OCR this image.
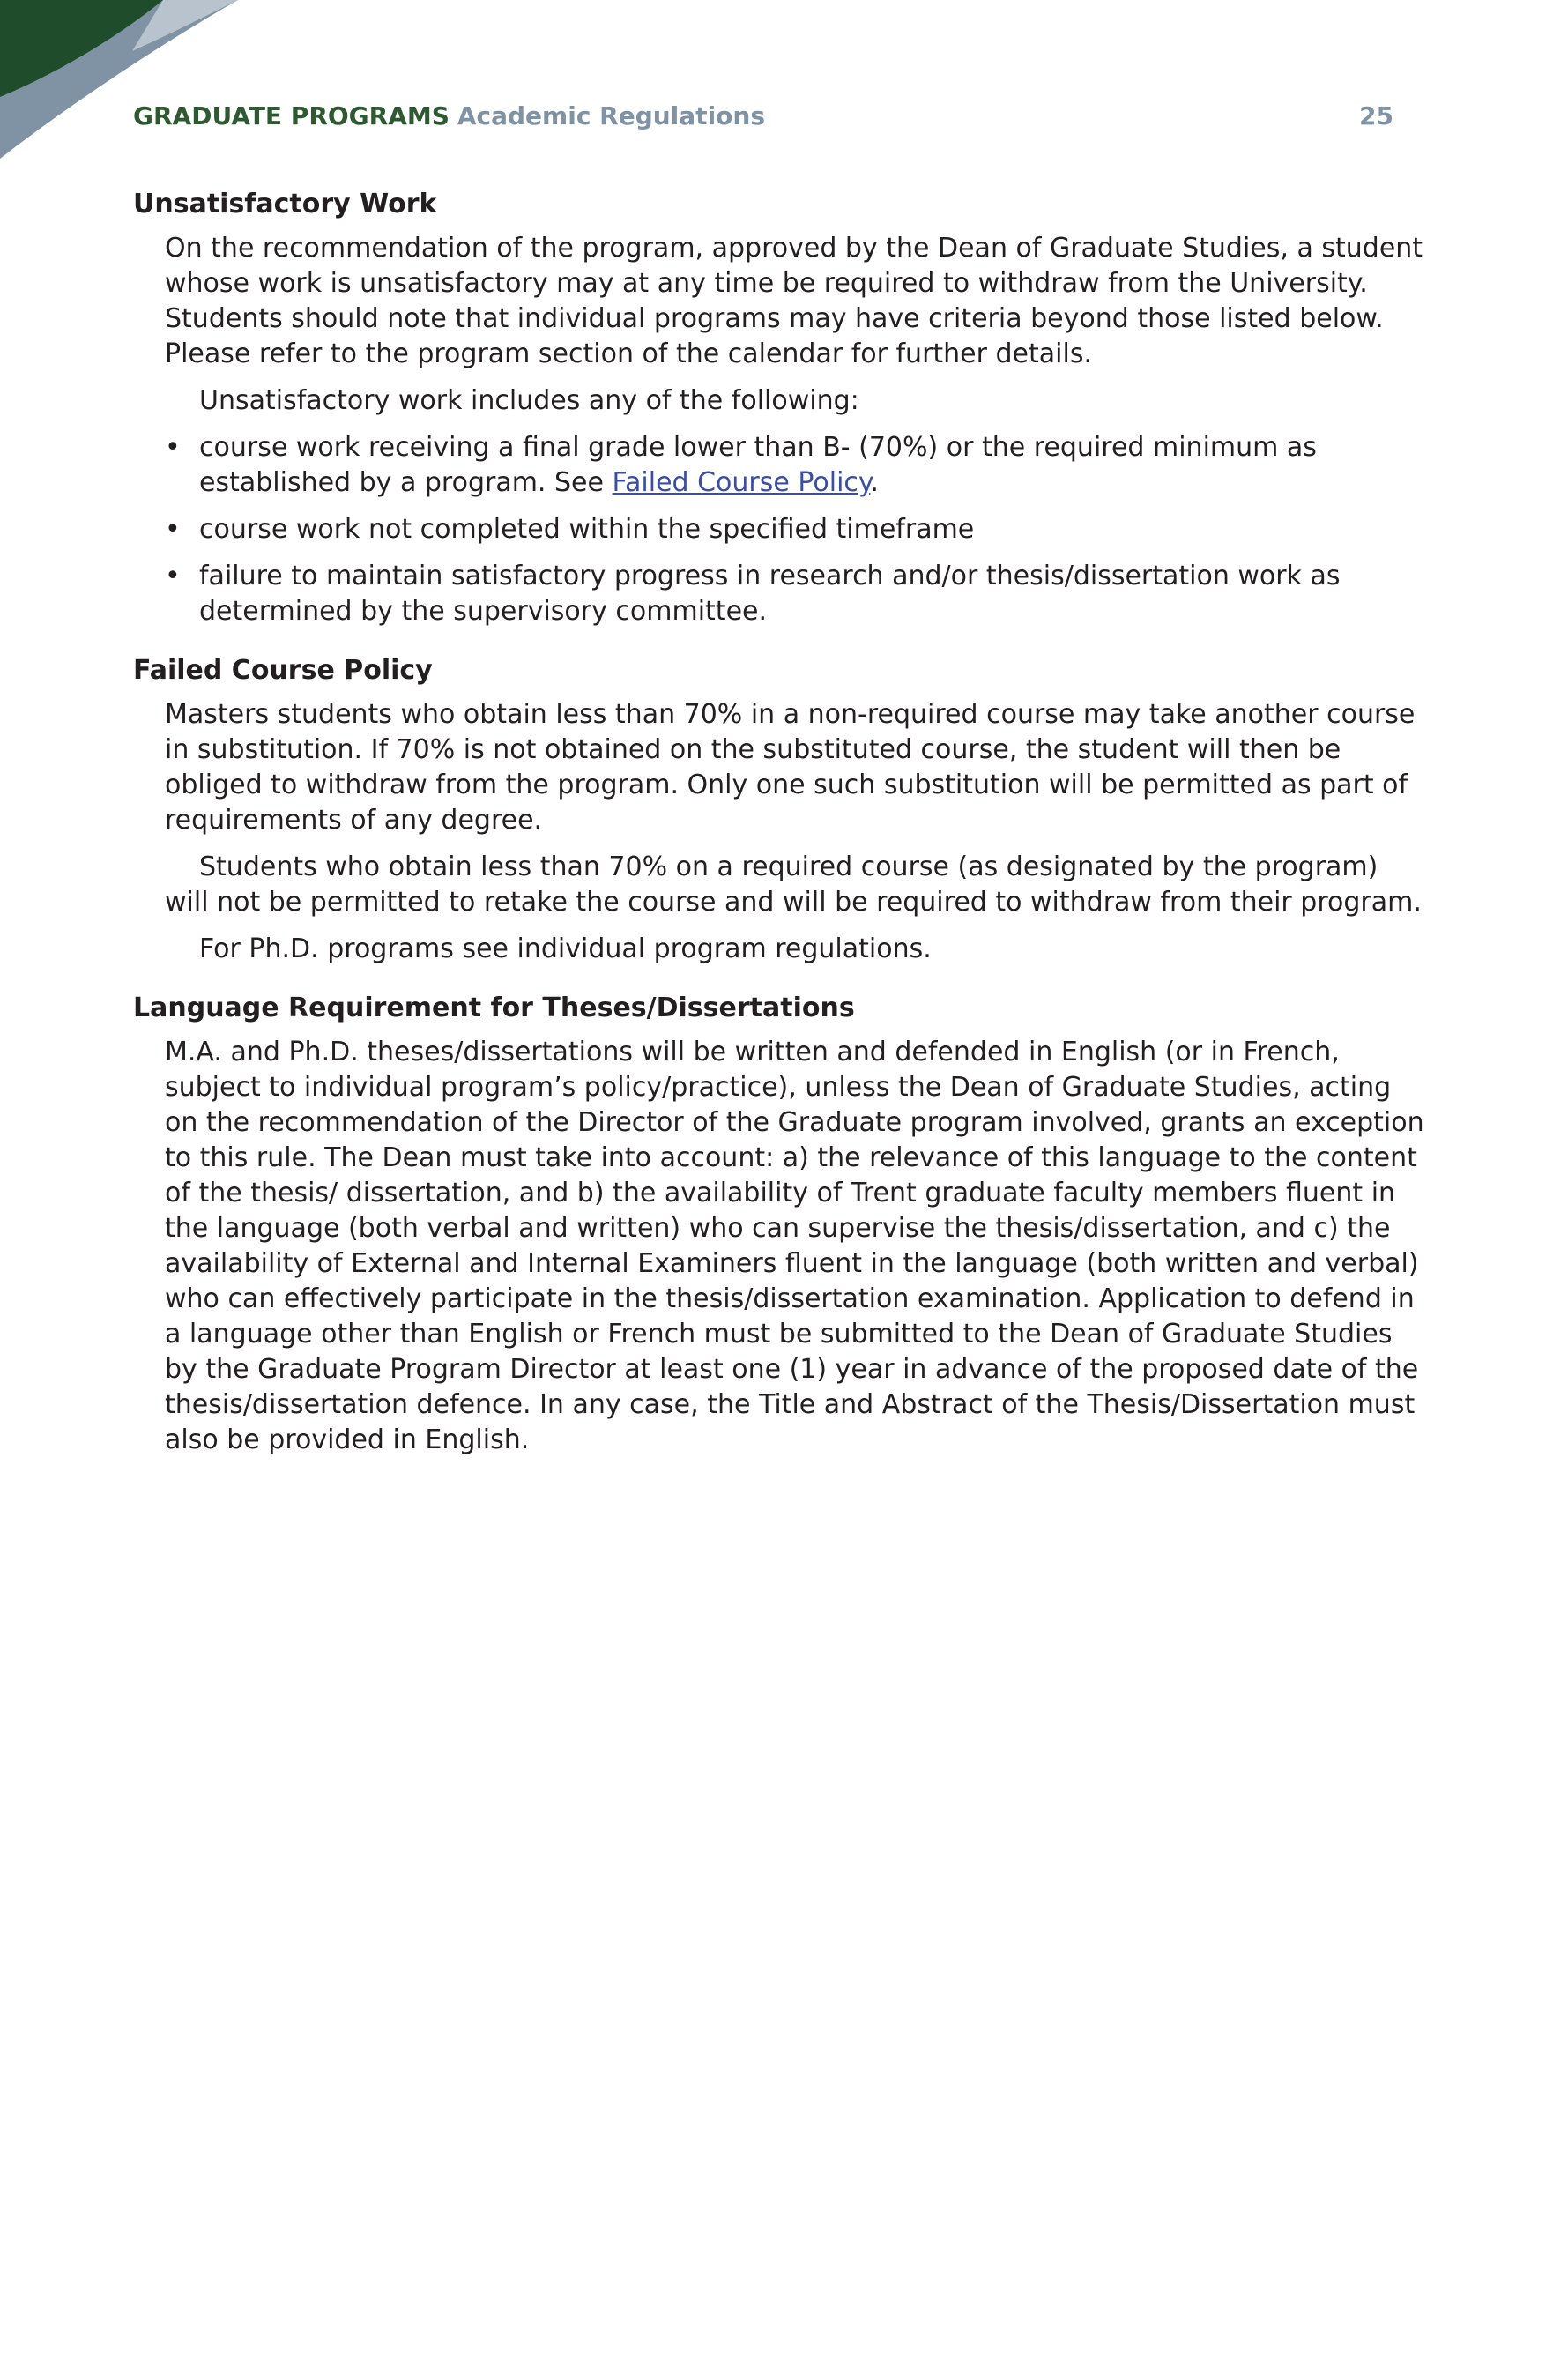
GRADUATE PROGRAMS Academic Regulations	25
Unsatisfactory Work

On the recommendation of the program, approved by the Dean of Graduate Studies, a student whose work is unsatisfactory may at any time be required to withdraw from the University. Students should note that individual programs may have criteria beyond those listed below. Please refer to the program section of the calendar for further details.

Unsatisfactory work includes any of the following:

• course work receiving a final grade lower than B- (70%) or the required minimum as established by a program. See Failed Course Policy.
• course work not completed within the specified timeframe
• failure to maintain satisfactory progress in research and/or thesis/dissertation work as determined by the supervisory committee.
Failed Course Policy

Masters students who obtain less than 70% in a non-required course may take another course in substitution. If 70% is not obtained on the substituted course, the student will then be obliged to withdraw from the program. Only one such substitution will be permitted as part of requirements of any degree.

Students who obtain less than 70% on a required course (as designated by the program) will not be permitted to retake the course and will be required to withdraw from their program.

For Ph.D. programs see individual program regulations.

Language Requirement for Theses/Dissertations

M.A. and Ph.D. theses/dissertations will be written and defended in English (or in French, subject to individual program’s policy/practice), unless the Dean of Graduate Studies, acting on the recommendation of the Director of the Graduate program involved, grants an exception to this rule. The Dean must take into account: a) the relevance of this language to the content of the thesis/ dissertation, and b) the availability of Trent graduate faculty members fluent in the language (both verbal and written) who can supervise the thesis/dissertation, and c) the availability of External and Internal Examiners fluent in the language (both written and verbal) who can effectively participate in the thesis/dissertation examination. Application to defend in a language other than English or French must be submitted to the Dean of Graduate Studies by the Graduate Program Director at least one (1) year in advance of the proposed date of the thesis/dissertation defence. In any case, the Title and Abstract of the Thesis/Dissertation must also be provided in English.
